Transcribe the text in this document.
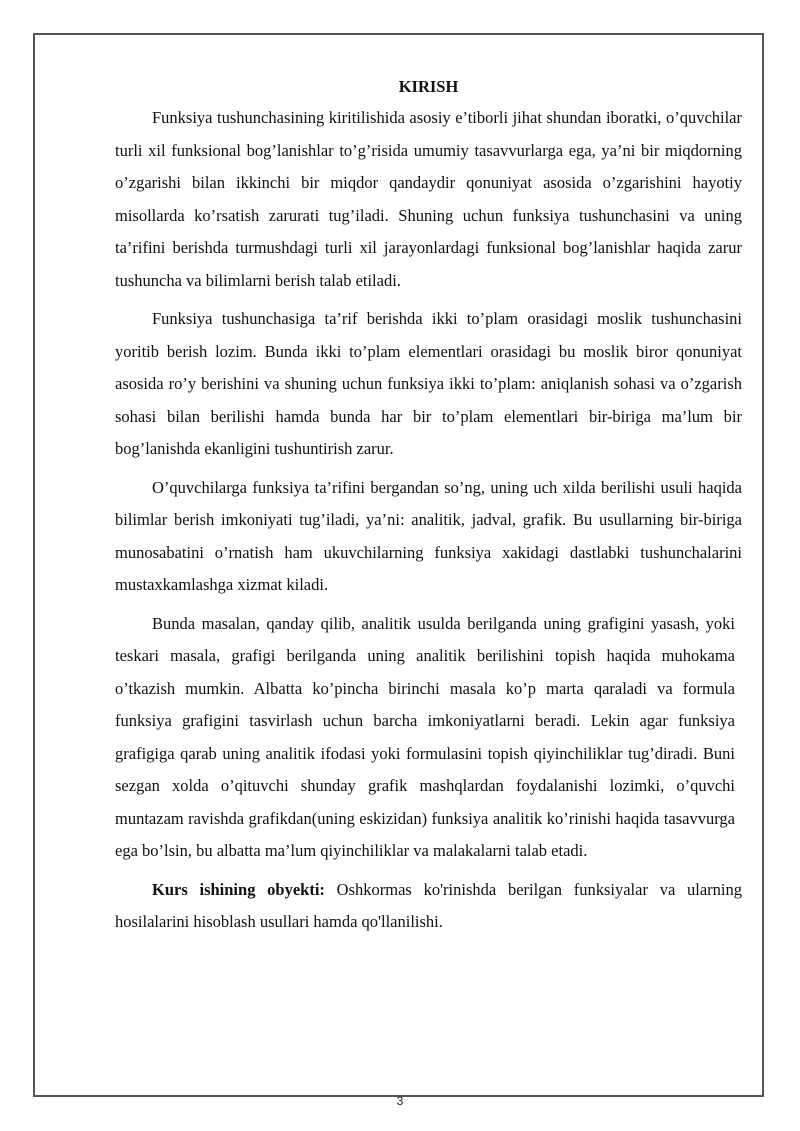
KIRISH

Funksiya tushunchasining kiritilishida asosiy e’tiborli jihat shundan iboratki, o’quvchilar turli xil funksional bog’lanishlar to’g’risida umumiy tasavvurlarga ega, ya’ni bir miqdorning o’zgarishi bilan ikkinchi bir miqdor qandaydir qonuniyat asosida o’zgarishini hayotiy misollarda ko’rsatish zarurati tug’iladi. Shuning uchun funksiya tushunchasini va uning ta’rifini berishda turmushdagi turli xil jarayonlardagi funksional bog’lanishlar haqida zarur tushuncha va bilimlarni berish talab etiladi.

Funksiya tushunchasiga ta’rif berishda ikki to’plam orasidagi moslik tushunchasini yoritib berish lozim. Bunda ikki to’plam elementlari orasidagi bu moslik biror qonuniyat asosida ro’y berishini va shuning uchun funksiya ikki to’plam: aniqlanish sohasi va o’zgarish sohasi bilan berilishi hamda bunda har bir to’plam elementlari bir-biriga ma’lum bir bog’lanishda ekanligini tushuntirish zarur.

O’quvchilarga funksiya ta’rifini bergandan so’ng, uning uch xilda berilishi usuli haqida bilimlar berish imkoniyati tug’iladi, ya’ni: analitik, jadval, grafik. Bu usullarning bir-biriga munosabatini o’rnatish ham ukuvchilarning funksiya xakidagi dastlabki tushunchalarini mustaxkamlashga xizmat kiladi.

Bunda masalan, qanday qilib, analitik usulda berilganda uning grafigini yasash, yoki teskari masala, grafigi berilganda uning analitik berilishini topish haqida muhokama o’tkazish mumkin. Albatta ko’pincha birinchi masala ko’p marta qaraladi va formula funksiya grafigini tasvirlash uchun barcha imkoniyatlarni beradi. Lekin agar funksiya grafigiga qarab uning analitik ifodasi yoki formulasini topish qiyinchiliklar tug’diradi. Buni sezgan xolda o’qituvchi shunday grafik mashqlardan foydalanishi lozimki, o’quvchi muntazam ravishda grafikdan(uning eskizidan) funksiya analitik ko’rinishi haqida tasavvurga ega bo’lsin, bu albatta ma’lum qiyinchiliklar va malakalarni talab etadi.

Kurs ishining obyekti: Oshkormas ko'rinishda berilgan funksiyalar va ularning hosilalarini hisoblash usullari hamda qo'llanilishi.

3
